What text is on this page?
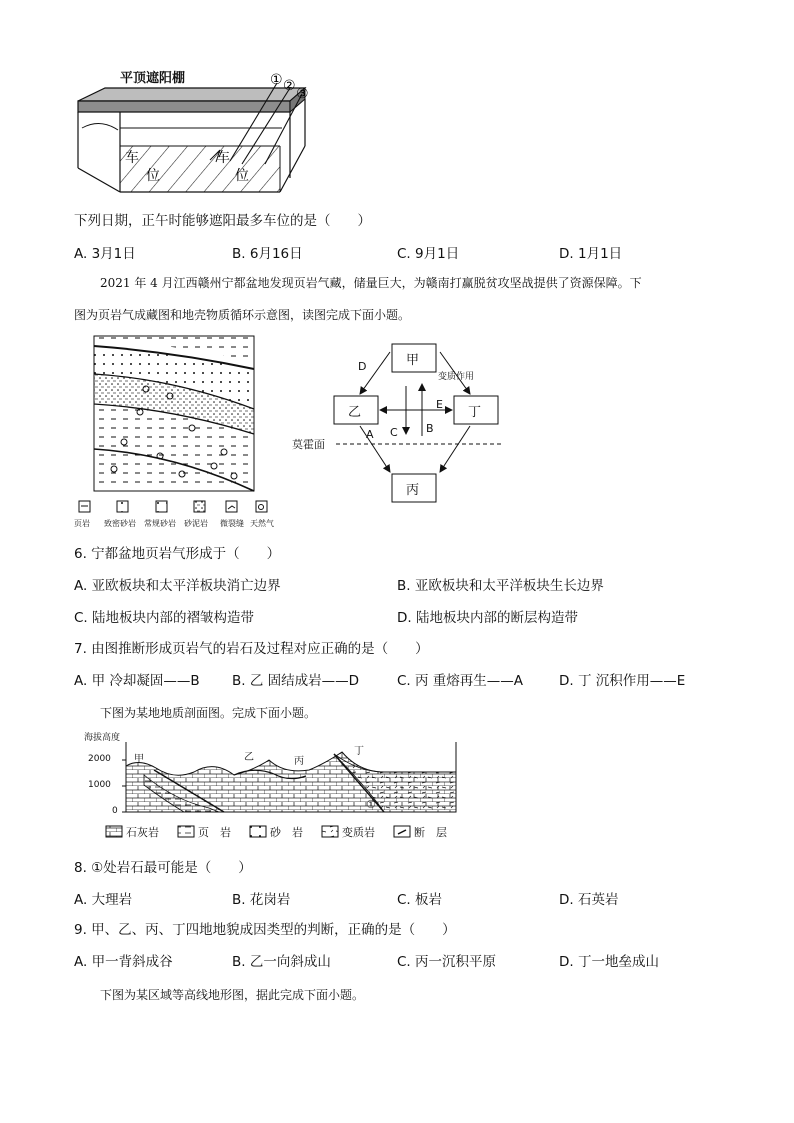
① ② ③
车
位
车
位
平顶遮阳棚
下列日期，正午时能够遮阳最多车位的是（　　）
A. 3月1日	B. 6月16日	C. 9月1日	D. 1月1日
2021 年 4 月江西赣州宁都盆地发现页岩气藏，储量巨大，为赣南打赢脱贫攻坚战提供了资源保障。下
图为页岩气成藏图和地壳物质循环示意图，读图完成下面小题。
页岩 致密砂岩 常规砂岩 砂泥岩 微裂缝 天然气
甲
乙	丁
丙
D
变质作用
E
A C	B
莫霍面
6. 宁都盆地页岩气形成于（　　）
A. 亚欧板块和太平洋板块消亡边界	B. 亚欧板块和太平洋板块生长边界
C. 陆地板块内部的褶皱构造带	D. 陆地板块内部的断层构造带
7. 由图推断形成页岩气的岩石及过程对应正确的是（　　）
A. 甲 冷却凝固——B B. 乙 固结成岩——D	C. 丙 重熔再生——A	D. 丁 沉积作用——E
下图为某地地质剖面图。完成下面小题。
海拔高度
2000
1000
0
甲	乙	丙
丁
①
石灰岩	页　岩	砂　岩	变质岩	断　层
8. ①处岩石最可能是（　　）
A. 大理岩	B. 花岗岩	C. 板岩	D. 石英岩
9. 甲、乙、丙、丁四地地貌成因类型的判断，正确的是（　　）
A. 甲一背斜成谷	B. 乙一向斜成山	C. 丙一沉积平原	D. 丁一地垒成山
下图为某区域等高线地形图，据此完成下面小题。
